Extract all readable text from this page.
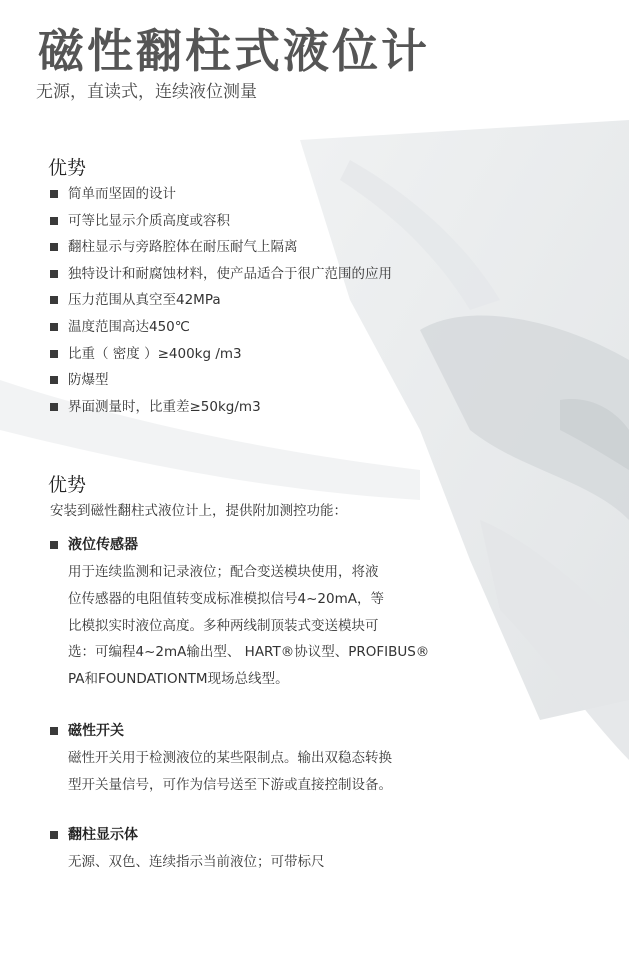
磁性翻柱式液位计
无源，直读式，连续液位测量
优势
简单而坚固的设计
可等比显示介质高度或容积
翻柱显示与旁路腔体在耐压耐气上隔离
独特设计和耐腐蚀材料，使产品适合于很广范围的应用
压力范围从真空至42MPa
温度范围高达450℃
比重（ 密度 ）≥400kg /m3
防爆型
界面测量时，比重差≥50kg/m3
优势
安装到磁性翻柱式液位计上，提供附加测控功能：
液位传感器
用于连续监测和记录液位；配合变送模块使用，将液
位传感器的电阻值转变成标准模拟信号4~20mA，等
比模拟实时液位高度。多种两线制顶装式变送模块可
选：可编程4~2mA输出型、 HART®协议型、PROFIBUS®
PA和FOUNDATIONTM现场总线型。
磁性开关
磁性开关用于检测液位的某些限制点。输出双稳态转换
型开关量信号，可作为信号送至下游或直接控制设备。
翻柱显示体
无源、双色、连续指示当前液位；可带标尺
